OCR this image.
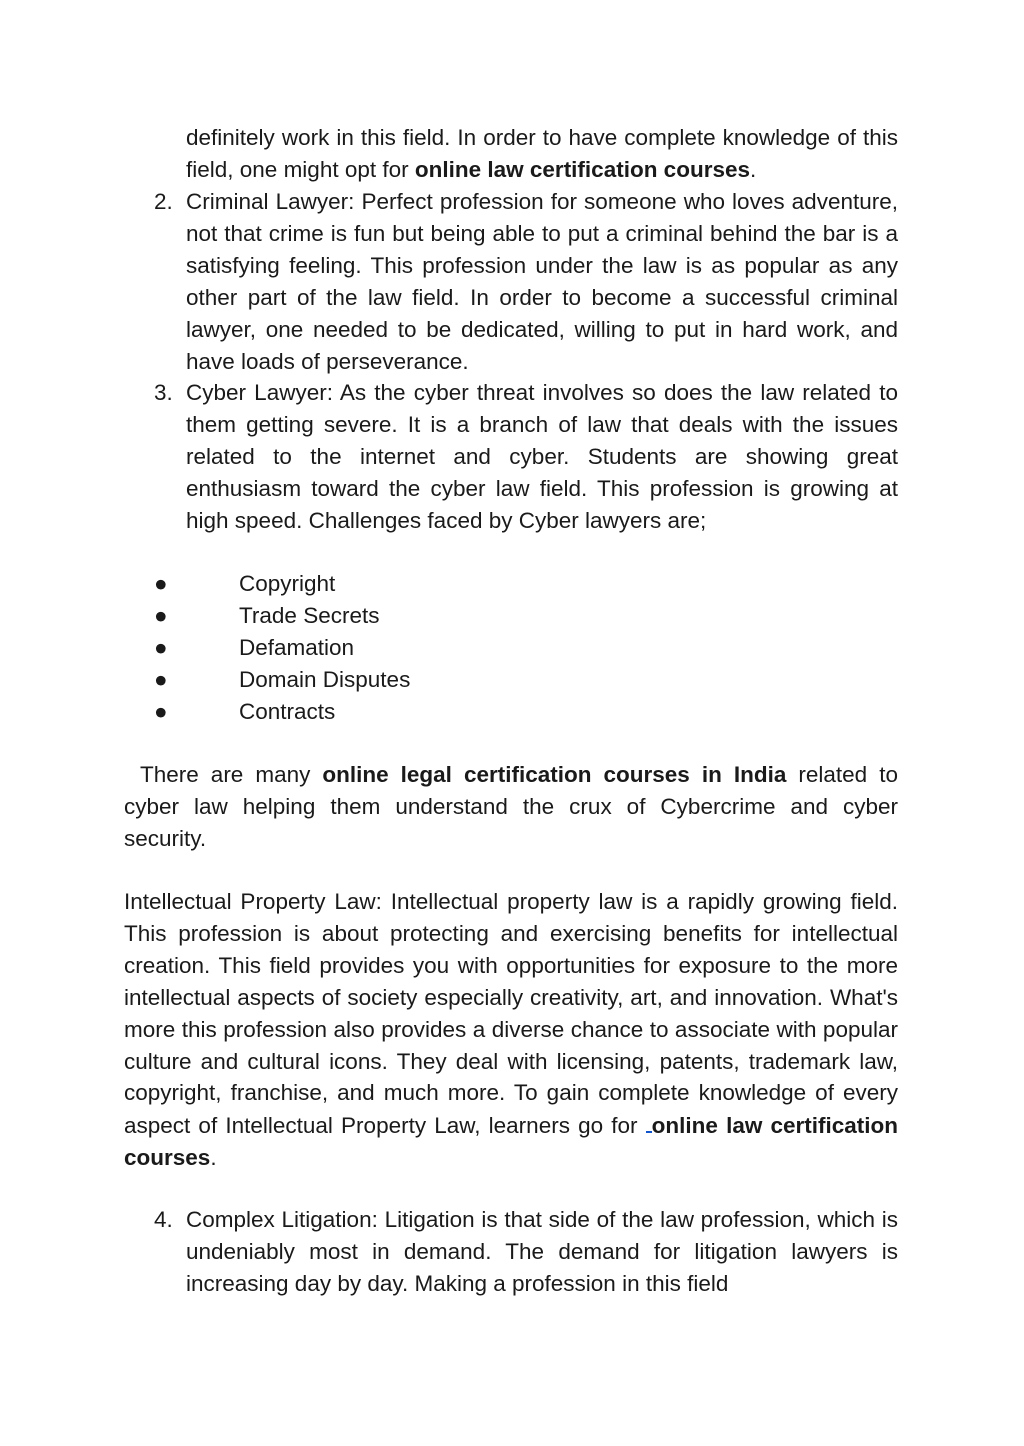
definitely work in this field. In order to have complete knowledge of this field, one might opt for online law certification courses.
2. Criminal Lawyer: Perfect profession for someone who loves adventure, not that crime is fun but being able to put a criminal behind the bar is a satisfying feeling. This profession under the law is as popular as any other part of the law field. In order to become a successful criminal lawyer, one needed to be dedicated, willing to put in hard work, and have loads of perseverance.
3. Cyber Lawyer: As the cyber threat involves so does the law related to them getting severe. It is a branch of law that deals with the issues related to the internet and cyber. Students are showing great enthusiasm toward the cyber law field. This profession is growing at high speed. Challenges faced by Cyber lawyers are;
●	Copyright
●	Trade Secrets
●	Defamation
●	Domain Disputes
●	Contracts
There are many online legal certification courses in India related to cyber law helping them understand the crux of Cybercrime and cyber security.
Intellectual Property Law: Intellectual property law is a rapidly growing field. This profession is about protecting and exercising benefits for intellectual creation. This field provides you with opportunities for exposure to the more intellectual aspects of society especially creativity, art, and innovation. What's more this profession also provides a diverse chance to associate with popular culture and cultural icons. They deal with licensing, patents, trademark law, copyright, franchise, and much more. To gain complete knowledge of every aspect of Intellectual Property Law, learners go for online law certification courses.
4. Complex Litigation: Litigation is that side of the law profession, which is undeniably most in demand. The demand for litigation lawyers is increasing day by day. Making a profession in this field
